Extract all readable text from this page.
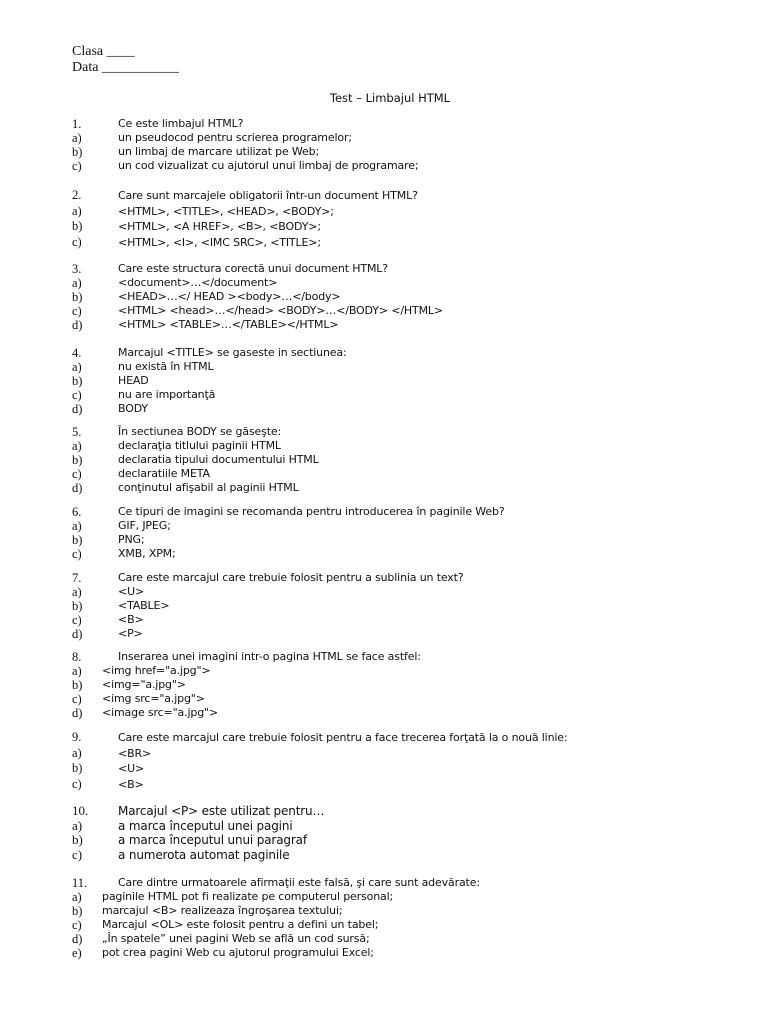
Clasa ____
Data ___________
Test – Limbajul HTML
1.	Ce este limbajul HTML?
a)	un pseudocod pentru scrierea programelor;
b)	un limbaj de marcare utilizat pe Web;
c)	un cod vizualizat cu ajutorul unui limbaj de programare;
2.	Care sunt marcajele obligatorii într-un document HTML?
a)	<HTML>, <TITLE>, <HEAD>, <BODY>;
b)	<HTML>, <A HREF>, <B>, <BODY>;
c)	<HTML>, <I>, <IMC SRC>, <TITLE>;
3.	Care este structura corectă unui document HTML?
a)	<document>…</document>
b)	<HEAD>…</ HEAD ><body>…</body>
c)	<HTML> <head>…</head> <BODY>…</BODY> </HTML>
d)	<HTML> <TABLE>…</TABLE></HTML>
4.	Marcajul <TITLE> se gaseste in sectiunea:
a)	nu există în HTML
b)	HEAD
c)	nu are importanţă
d)	BODY
5.	În sectiunea BODY se găseşte:
a)	declaraţia titlului paginii HTML
b)	declaratia tipului documentului HTML
c)	declaratiile META
d)	conţinutul afişabil al paginii HTML
6.	Ce tipuri de imagini se recomanda pentru introducerea în paginile Web?
a)	GIF, JPEG;
b)	PNG;
c)	XMB, XPM;
7.	Care este marcajul care trebuie folosit pentru a sublinia un text?
a)	<U>
b)	<TABLE>
c)	<B>
d)	<P>
8.	Inserarea unei imagini intr-o pagina HTML se face astfel:
a)	<img href="a.jpg">
b)	<img="a.jpg">
c)	<img src="a.jpg">
d)	<image src="a.jpg">
9.	Care este marcajul care trebuie folosit pentru a face trecerea forţată la o nouă linie:
a)	<BR>
b)	<U>
c)	<B>
10.	Marcajul <P> este utilizat pentru…
a)	a marca începutul unei pagini
b)	a marca începutul unui paragraf
c)	a numerota automat paginile
11.	Care dintre urmatoarele afirmaţii este falsă, şi care sunt adevărate:
a)	paginile HTML pot fi realizate pe computerul personal;
b)	marcajul <B> realizeaza îngroşarea textului;
c)	Marcajul <OL> este folosit pentru a defini un tabel;
d)	„În spatele” unei pagini Web se află un cod sursă;
e)	pot crea pagini Web cu ajutorul programului Excel;
